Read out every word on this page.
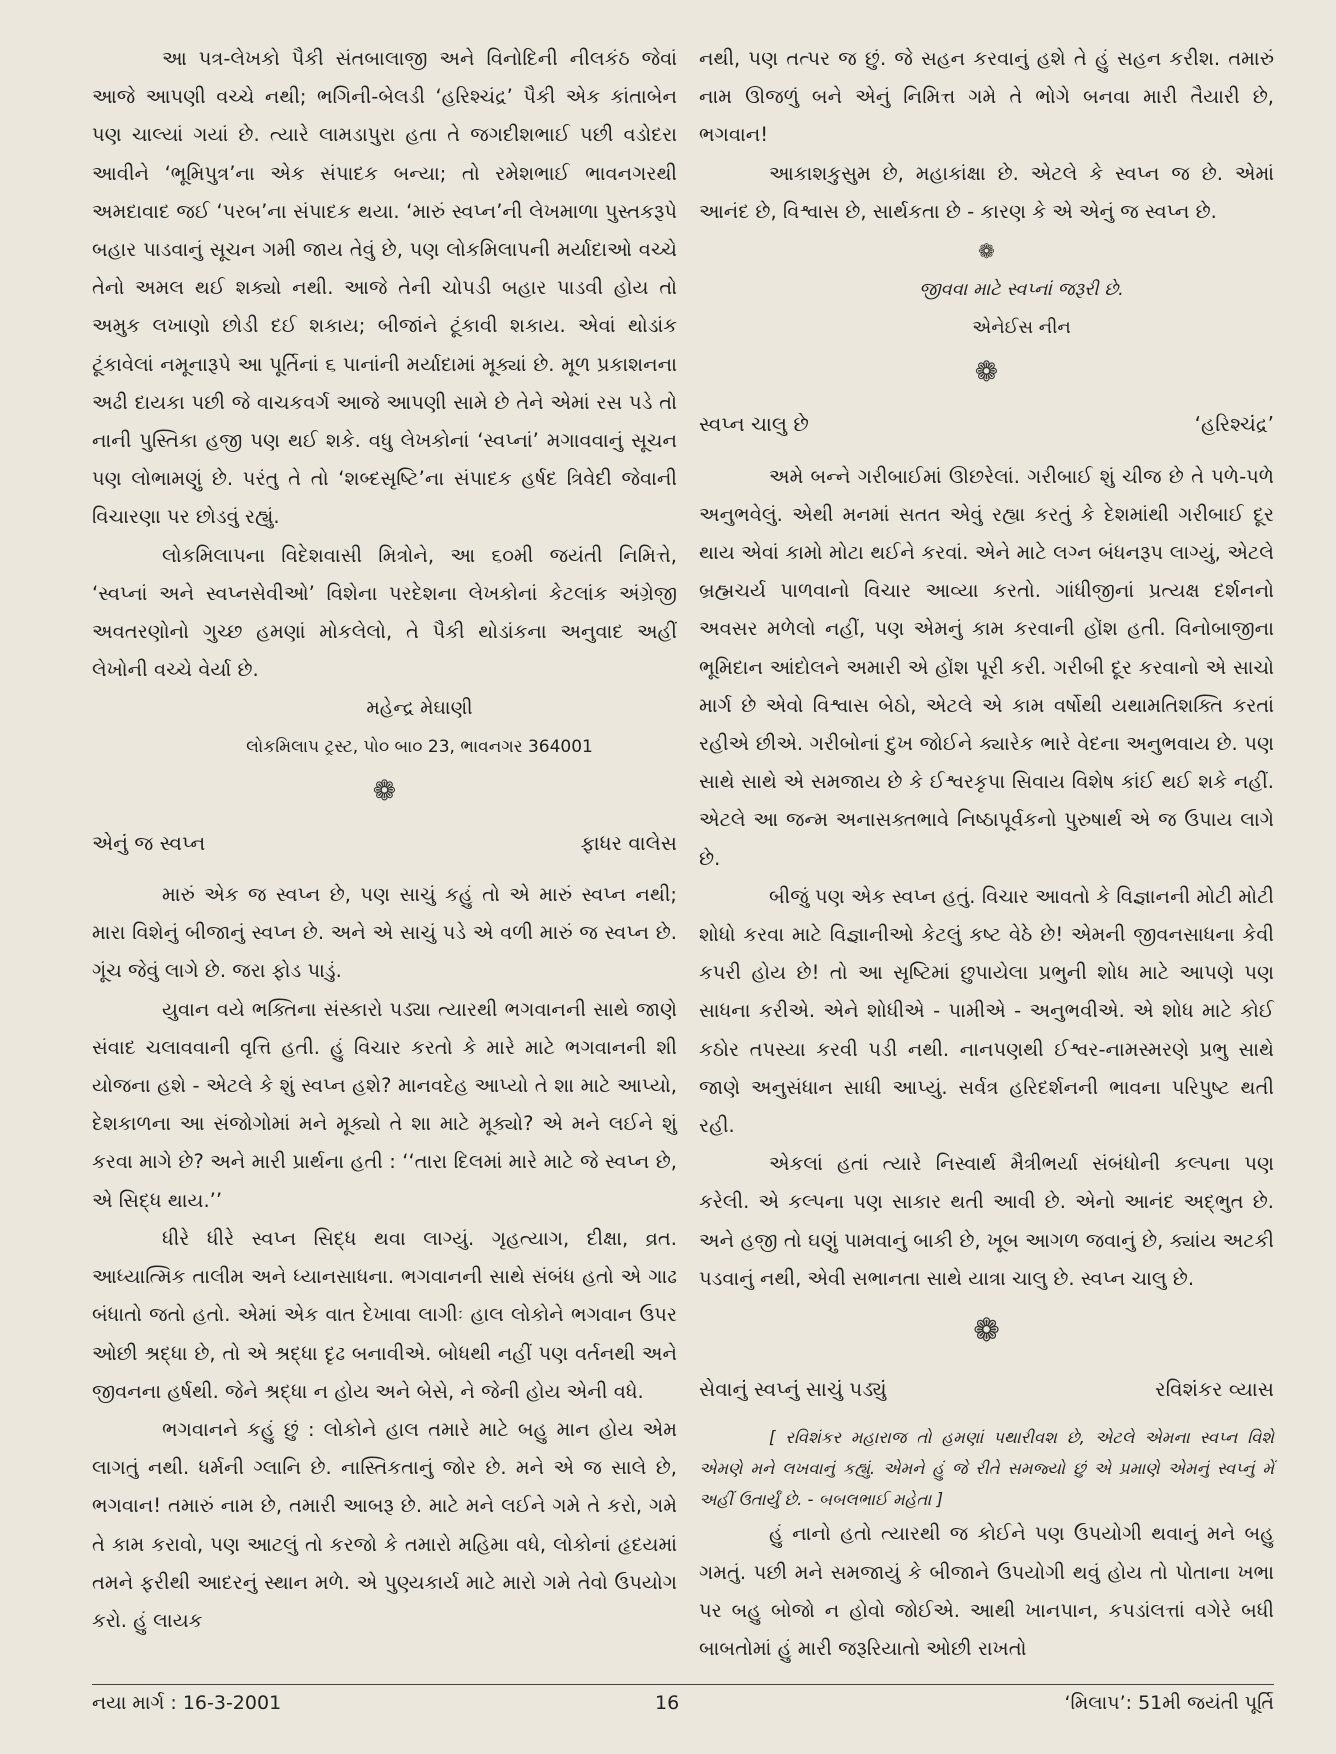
આ પત્ર-લેખકો પૈકી સંતબાલાજી અને વિનોદિની નીલકંઠ જેવાં આજે આપણી વચ્ચે નથી; ભગિની-બેલડી ‘હરિશ્ચંદ્ર’ પૈકી એક કાંતાબેન પણ ચાલ્યાં ગયાં છે. ત્યારે લામડાપુરા હતા તે જગદીશભાઈ પછી વડોદરા આવીને ‘ભૂમિપુત્ર’ના એક સંપાદક બન્યા; તો રમેશભાઈ ભાવનગરથી અમદાવાદ જઈ ‘પરબ’ના સંપાદક થયા. ‘મારું સ્વપ્ન’ની લેખમાળા પુસ્તકરૂપે બહાર પાડવાનું સૂચન ગમી જાય તેવું છે, પણ લોકમિલાપની મર્યાદાઓ વચ્ચે તેનો અમલ થઈ શક્યો નથી. આજે તેની ચોપડી બહાર પાડવી હોય તો અમુક લખાણો છોડી દઈ શકાય; બીજાંને ટૂંકાવી શકાય. એવાં થોડાંક ટૂંકાવેલાં નમૂનારૂપે આ પૂર્તિનાં ૬ પાનાંની મર્યાદામાં મૂક્યાં છે. મૂળ પ્રકાશનના અઢી દાયકા પછી જે વાચકવર્ગ આજે આપણી સામે છે તેને એમાં રસ પડે તો નાની પુસ્તિકા હજી પણ થઈ શકે. વધુ લેખકોનાં ‘સ્વપ્નાં’ મગાવવાનું સૂચન પણ લોભામણું છે. પરંતુ તે તો ‘શબ્દસૃષ્ટિ’ના સંપાદક હર્ષદ ત્રિવેદી જેવાની વિચારણા પર છોડવું રહ્યું.

લોકમિલાપના વિદેશવાસી મિત્રોને, આ ૬૦મી જયંતી નિમિત્તે, ‘સ્વપ્નાં અને સ્વપ્નસેવીઓ’ વિશેના પરદેશના લેખકોનાં કેટલાંક અંગ્રેજી અવતરણોનો ગુચ્છ હમણાં મોકલેલો, તે પૈકી થોડાંકના અનુવાદ અહીં લેખોની વચ્ચે વેર્યા છે.

મહેન્દ્ર મેઘાણી

લોકમિલાપ ટ્રસ્ટ, પો૦ બા૦ 23, ભાવનગર 364001

❁
એનું જ સ્વપ્ન	ફાધર વાલેસ

મારું એક જ સ્વપ્ન છે, પણ સાચું કહું તો એ મારું સ્વપ્ન નથી; મારા વિશેનું બીજાનું સ્વપ્ન છે. અને એ સાચું પડે એ વળી મારું જ સ્વપ્ન છે. ગૂંચ જેવું લાગે છે. જરા ફોડ પાડું.

યુવાન વયે ભક્તિના સંસ્કારો પડ્યા ત્યારથી ભગવાનની સાથે જાણે સંવાદ ચલાવવાની વૃત્તિ હતી. હું વિચાર કરતો કે મારે માટે ભગવાનની શી યોજના હશે - એટલે કે શું સ્વપ્ન હશે? માનવદેહ આપ્યો તે શા માટે આપ્યો, દેશકાળના આ સંજોગોમાં મને મૂક્યો તે શા માટે મૂક્યો? એ મને લઈને શું કરવા માગે છે? અને મારી પ્રાર્થના હતી : ‘‘તારા દિલમાં મારે માટે જે સ્વપ્ન છે, એ સિદ્ધ થાય.’’

ધીરે ધીરે સ્વપ્ન સિદ્ધ થવા લાગ્યું. ગૃહત્યાગ, દીક્ષા, વ્રત. આધ્યાત્મિક તાલીમ અને ધ્યાનસાધના. ભગવાનની સાથે સંબંધ હતો એ ગાઢ બંધાતો જતો હતો. એમાં એક વાત દેખાવા લાગીઃ હાલ લોકોને ભગવાન ઉપર ઓછી શ્રદ્ધા છે, તો એ શ્રદ્ધા દૃઢ બનાવીએ. બોધથી નહીં પણ વર્તનથી અને જીવનના હર્ષથી. જેને શ્રદ્ધા ન હોય અને બેસે, ને જેની હોય એની વધે.

ભગવાનને કહું છું : લોકોને હાલ તમારે માટે બહુ માન હોય એમ લાગતું નથી. ધર્મની ગ્લાનિ છે. નાસ્તિકતાનું જોર છે. મને એ જ સાલે છે, ભગવાન! તમારું નામ છે, તમારી આબરૂ છે. માટે મને લઈને ગમે તે કરો, ગમે તે કામ કરાવો, પણ આટલું તો કરજો કે તમારો મહિમા વધે, લોકોનાં હૃદયમાં તમને ફરીથી આદરનું સ્થાન મળે. એ પુણ્યકાર્ય માટે મારો ગમે તેવો ઉપયોગ કરો. હું લાયક

નથી, પણ તત્પર જ છું. જે સહન કરવાનું હશે તે હું સહન કરીશ. તમારું નામ ઊજળું બને એનું નિમિત્ત ગમે તે ભોગે બનવા મારી તૈયારી છે, ભગવાન!

આકાશકુસુમ છે, મહાકાંક્ષા છે. એટલે કે સ્વપ્ન જ છે. એમાં આનંદ છે, વિશ્વાસ છે, સાર્થકતા છે - કારણ કે એ એનું જ સ્વપ્ન છે.

❁

જીવવા માટે સ્વપ્નાં જરૂરી છે.

એનેઈસ નીન

❁
સ્વપ્ન ચાલુ છે	‘હરિશ્ચંદ્ર’

અમે બન્ને ગરીબાઈમાં ઊછરેલાં. ગરીબાઈ શું ચીજ છે તે પળે-પળે અનુભવેલું. એથી મનમાં સતત એવું રહ્યા કરતું કે દેશમાંથી ગરીબાઈ દૂર થાય એવાં કામો મોટા થઈને કરવાં. એને માટે લગ્ન બંધનરૂપ લાગ્યું, એટલે બ્રહ્મચર્ય પાળવાનો વિચાર આવ્યા કરતો. ગાંધીજીનાં પ્રત્યક્ષ દર્શનનો અવસર મળેલો નહીં, પણ એમનું કામ કરવાની હોંશ હતી. વિનોબાજીના ભૂમિદાન આંદોલને અમારી એ હોંશ પૂરી કરી. ગરીબી દૂર કરવાનો એ સાચો માર્ગ છે એવો વિશ્વાસ બેઠો, એટલે એ કામ વર્ષોથી યથામતિશક્તિ કરતાં રહીએ છીએ. ગરીબોનાં દુખ જોઈને ક્યારેક ભારે વેદના અનુભવાય છે. પણ સાથે સાથે એ સમજાય છે કે ઈશ્વરકૃપા સિવાય વિશેષ કાંઈ થઈ શકે નહીં. એટલે આ જન્મ અનાસક્તભાવે નિષ્ઠાપૂર્વકનો પુરુષાર્થ એ જ ઉપાય લાગે છે.

બીજું પણ એક સ્વપ્ન હતું. વિચાર આવતો કે વિજ્ઞાનની મોટી મોટી શોધો કરવા માટે વિજ્ઞાનીઓ કેટલું કષ્ટ વેઠે છે! એમની જીવનસાધના કેવી કપરી હોય છે! તો આ સૃષ્ટિમાં છુપાયેલા પ્રભુની શોધ માટે આપણે પણ સાધના કરીએ. એને શોધીએ - પામીએ - અનુભવીએ. એ શોધ માટે કોઈ કઠોર તપસ્યા કરવી પડી નથી. નાનપણથી ઈશ્વર-નામસ્મરણે પ્રભુ સાથે જાણે અનુસંધાન સાધી આપ્યું. સર્વત્ર હરિદર્શનની ભાવના પરિપુષ્ટ થતી રહી.

એકલાં હતાં ત્યારે નિસ્વાર્થ મૈત્રીભર્યા સંબંધોની કલ્પના પણ કરેલી. એ કલ્પના પણ સાકાર થતી આવી છે. એનો આનંદ અદ્ભુત છે. અને હજી તો ઘણું પામવાનું બાકી છે, ખૂબ આગળ જવાનું છે, ક્યાંય અટકી પડવાનું નથી, એવી સભાનતા સાથે યાત્રા ચાલુ છે. સ્વપ્ન ચાલુ છે.

❁
સેવાનું સ્વપ્નું સાચું પડ્યું	રવિશંકર વ્યાસ

[ રવિશંકર મહારાજ તો હમણાં પથારીવશ છે, એટલે એમના સ્વપ્ન વિશે એમણે મને લખવાનું કહ્યું. એમને હું જે રીતે સમજ્યો છું એ પ્રમાણે એમનું સ્વપ્નું મેં અહીં ઉતાર્યું છે. - બબલભાઈ મહેતા ]

હું નાનો હતો ત્યારથી જ કોઈને પણ ઉપયોગી થવાનું મને બહુ ગમતું. પછી મને સમજાયું કે બીજાને ઉપયોગી થવું હોય તો પોતાના ખભા પર બહુ બોજો ન હોવો જોઈએ. આથી ખાનપાન, કપડાંલત્તાં વગેરે બધી બાબતોમાં હું મારી જરૂરિયાતો ઓછી રાખતો

નયા માર્ગ : 16-3-2001	16	‘મિલાપ’: 51મી જયંતી પૂર્તિ
